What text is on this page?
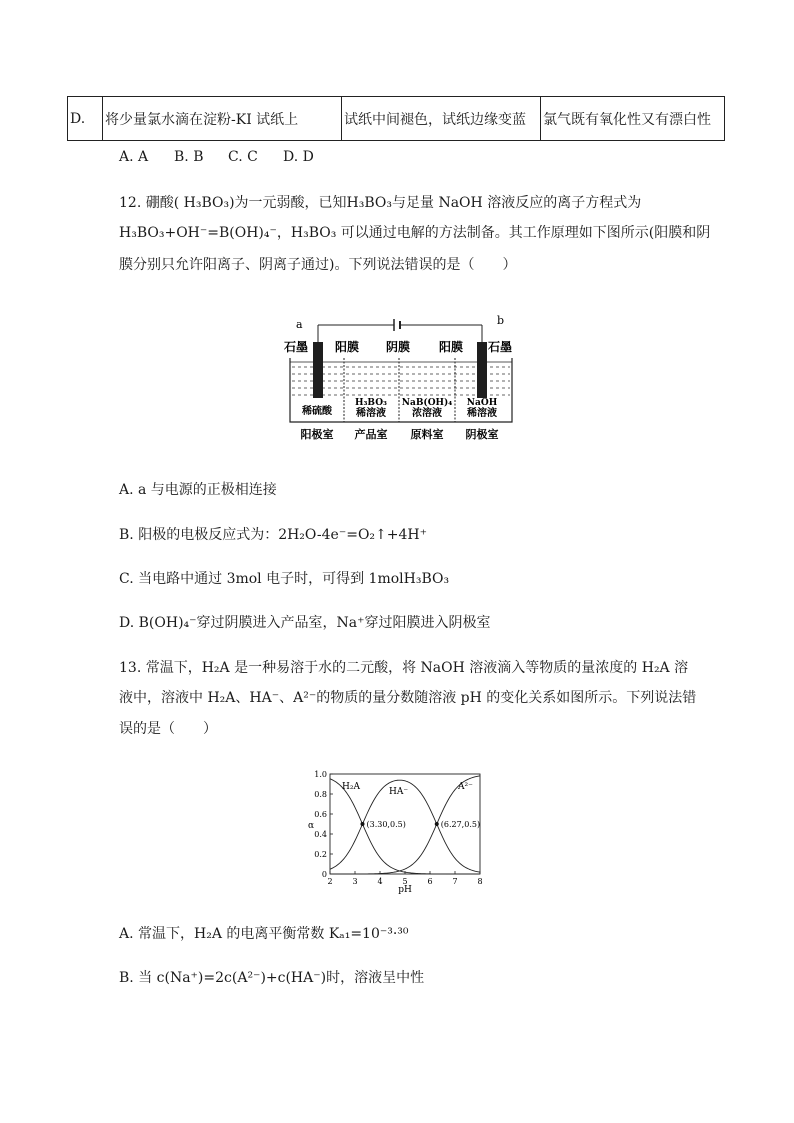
D.	将少量氯水滴在淀粉-KI 试纸上	试纸中间褪色，试纸边缘变蓝	氯气既有氧化性又有漂白性
A. A B. B C. C D. D
12. 硼酸( H₃BO₃)为一元弱酸，已知H₃BO₃与足量 NaOH 溶液反应的离子方程式为
H₃BO₃+OH⁻=B(OH)₄⁻，H₃BO₃ 可以通过电解的方法制备。其工作原理如下图所示(阳膜和阴
膜分别只允许阳离子、阴离子通过)。下列说法错误的是（　　）
a	b
石墨 阳膜 阴膜 阳膜 石墨
稀硫酸
H₃BO₃
稀溶液
NaB(OH)₄
浓溶液
NaOH
稀溶液
阳极室 产品室 原料室 阴极室
A. a 与电源的正极相连接
B. 阳极的电极反应式为：2H₂O-4e⁻=O₂↑+4H⁺
C. 当电路中通过 3mol 电子时，可得到 1molH₃BO₃
D. B(OH)₄⁻穿过阴膜进入产品室，Na⁺穿过阳膜进入阴极室
13. 常温下，H₂A 是一种易溶于水的二元酸，将 NaOH 溶液滴入等物质的量浓度的 H₂A 溶
液中，溶液中 H₂A、HA⁻、A²⁻的物质的量分数随溶液 pH 的变化关系如图所示。下列说法错
误的是（　　）
2 3 4 5 6 7 8
0
0.2
0.4
0.6
0.8
1.0
(3.30,0.5)	(6.27,0.5)
pH
α
H₂A	HA⁻	A²⁻
A. 常温下，H₂A 的电离平衡常数 Kₐ₁=10⁻³·³⁰
B. 当 c(Na⁺)=2c(A²⁻)+c(HA⁻)时，溶液呈中性
